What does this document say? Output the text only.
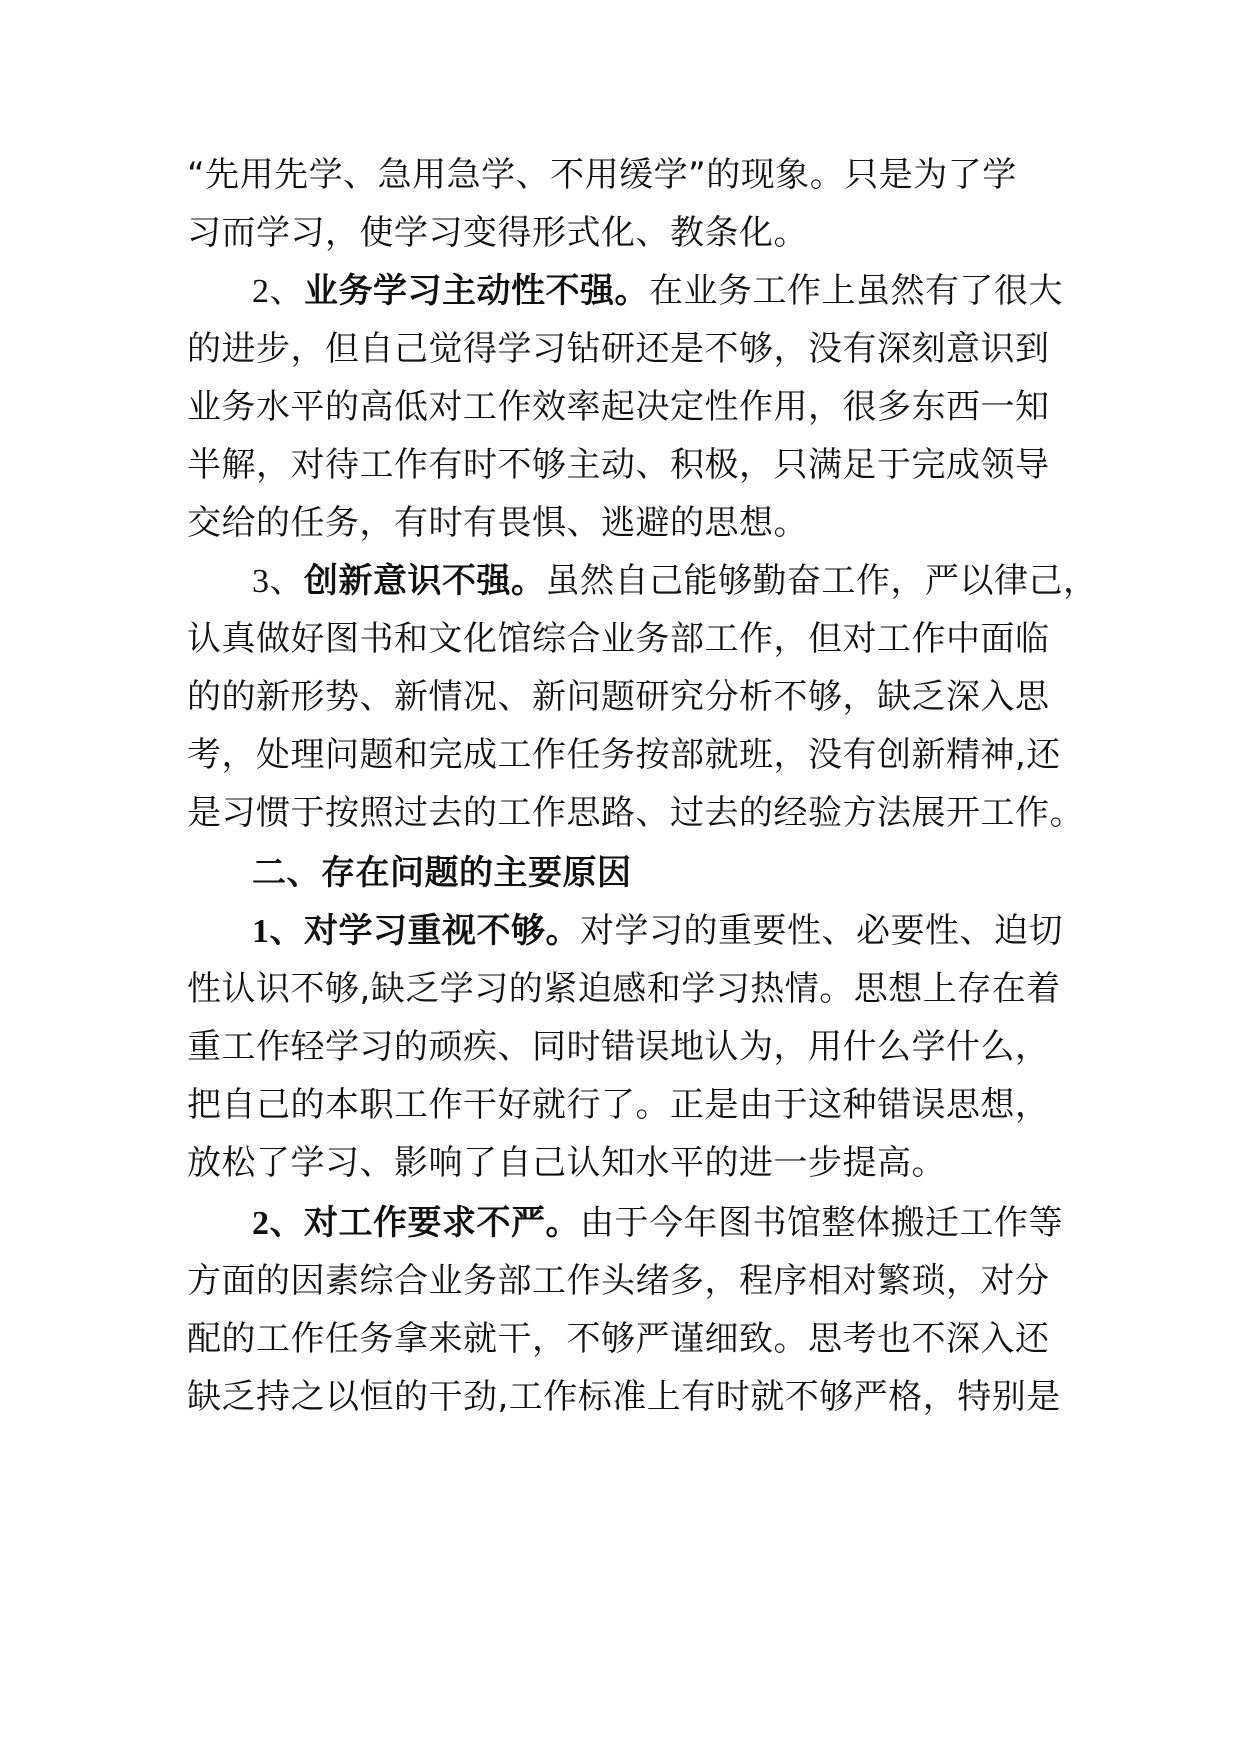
“先用先学、急用急学、不用缓学”的现象。只是为了学
习而学习，使学习变得形式化、教条化。
2、业务学习主动性不强。在业务工作上虽然有了很大
的进步，但自己觉得学习钻研还是不够，没有深刻意识到
业务水平的高低对工作效率起决定性作用，很多东西一知
半解，对待工作有时不够主动、积极，只满足于完成领导
交给的任务，有时有畏惧、逃避的思想。
3、创新意识不强。虽然自己能够勤奋工作，严以律己，
认真做好图书和文化馆综合业务部工作，但对工作中面临
的的新形势、新情况、新问题研究分析不够，缺乏深入思
考，处理问题和完成工作任务按部就班，没有创新精神,还
是习惯于按照过去的工作思路、过去的经验方法展开工作。
二、存在问题的主要原因
1、对学习重视不够。对学习的重要性、必要性、迫切
性认识不够,缺乏学习的紧迫感和学习热情。思想上存在着
重工作轻学习的顽疾、同时错误地认为，用什么学什么，
把自己的本职工作干好就行了。正是由于这种错误思想，
放松了学习、影响了自己认知水平的进一步提高。
2、对工作要求不严。由于今年图书馆整体搬迁工作等
方面的因素综合业务部工作头绪多，程序相对繁琐，对分
配的工作任务拿来就干，不够严谨细致。思考也不深入还
缺乏持之以恒的干劲,工作标准上有时就不够严格，特别是
